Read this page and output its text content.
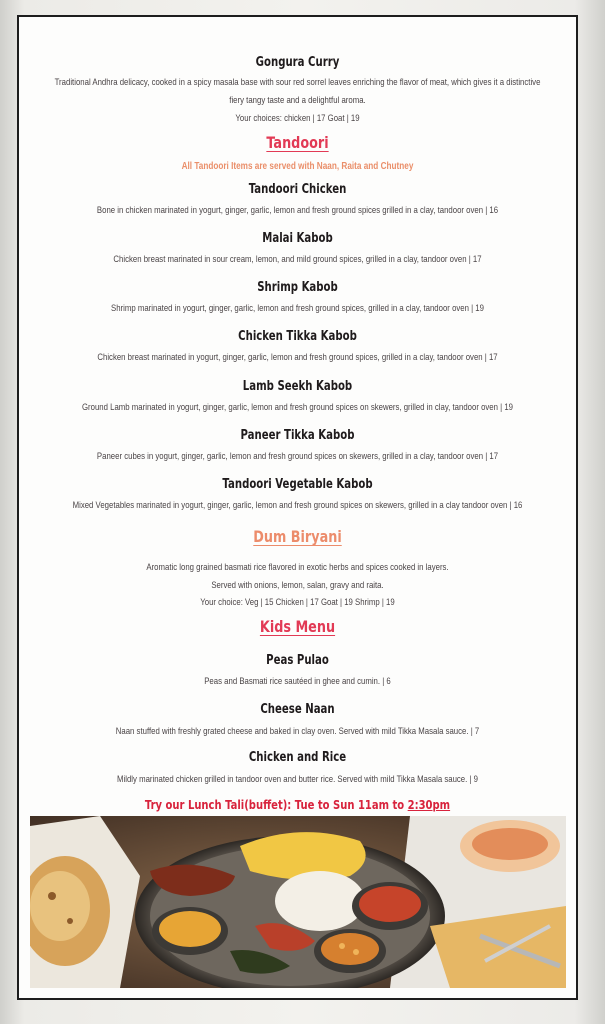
Gongura Curry
Traditional Andhra delicacy, cooked in a spicy masala base with sour red sorrel leaves enriching the flavor of meat, which gives it a distinctive
fiery tangy taste and a delightful aroma.
Your choices: chicken | 17 Goat | 19
Tandoori
All Tandoori Items are served with Naan, Raita and Chutney
Tandoori Chicken
Bone in chicken marinated in yogurt, ginger, garlic, lemon and fresh ground spices grilled in a clay, tandoor oven | 16
Malai Kabob
Chicken breast marinated in sour cream, lemon, and mild ground spices, grilled in a clay, tandoor oven | 17
Shrimp Kabob
Shrimp marinated in yogurt, ginger, garlic, lemon and fresh ground spices, grilled in a clay, tandoor oven | 19
Chicken Tikka Kabob
Chicken breast marinated in yogurt, ginger, garlic, lemon and fresh ground spices, grilled in a clay, tandoor oven | 17
Lamb Seekh Kabob
Ground Lamb marinated in yogurt, ginger, garlic, lemon and fresh ground spices on skewers, grilled in clay, tandoor oven | 19
Paneer Tikka Kabob
Paneer cubes in yogurt, ginger, garlic, lemon and fresh ground spices on skewers, grilled in a clay, tandoor oven | 17
Tandoori Vegetable Kabob
Mixed Vegetables marinated in yogurt, ginger, garlic, lemon and fresh ground spices on skewers, grilled in a clay tandoor oven | 16
Dum Biryani
Aromatic long grained basmati rice flavored in exotic herbs and spices cooked in layers.
Served with onions, lemon, salan, gravy and raita.
Your choice: Veg | 15 Chicken | 17 Goat | 19 Shrimp | 19
Kids Menu
Peas Pulao
Peas and Basmati rice sautéed in ghee and cumin. | 6
Cheese Naan
Naan stuffed with freshly grated cheese and baked in clay oven. Served with mild Tikka Masala sauce. | 7
Chicken and Rice
Mildly marinated chicken grilled in tandoor oven and butter rice. Served with mild Tikka Masala sauce. | 9
Try our Lunch Tali(buffet): Tue to Sun 11am to 2:30pm
